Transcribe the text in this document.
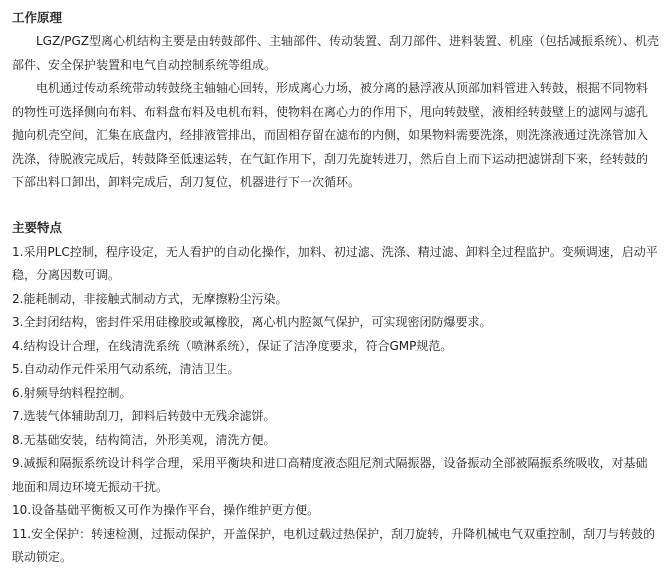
工作原理

LGZ/PGZ型离心机结构主要是由转鼓部件、主轴部件、传动装置、刮刀部件、进料装置、机座（包括减振系统）、机壳部件、安全保护装置和电气自动控制系统等组成。

电机通过传动系统带动转鼓绕主轴轴心回转，形成离心力场，被分离的悬浮液从顶部加料管进入转鼓，根据不同物料的物性可选择侧向布料、布料盘布料及电机布料，使物料在离心力的作用下，甩向转鼓壁，液相经转鼓壁上的滤网与滤孔抛向机壳空间，汇集在底盘内，经排液管排出，而固相存留在滤布的内侧，如果物料需要洗涤，则洗涤液通过洗涤管加入洗涤，待脱液完成后，转鼓降至低速运转，在气缸作用下，刮刀先旋转进刀，然后自上而下运动把滤饼刮下来，经转鼓的下部出料口卸出，卸料完成后，刮刀复位，机器进行下一次循环。

主要特点
1.采用PLC控制，程序设定，无人看护的自动化操作，加料、初过滤、洗涤、精过滤、卸料全过程监护。变频调速，启动平稳，分离因数可调。
2.能耗制动，非接触式制动方式，无摩擦粉尘污染。
3.全封闭结构，密封件采用硅橡胶或氟橡胶，离心机内腔氮气保护，可实现密闭防爆要求。
4.结构设计合理，在线清洗系统（喷淋系统），保证了洁净度要求，符合GMP规范。
5.自动动作元件采用气动系统，清洁卫生。
6.射频导纳料程控制。
7.选装气体辅助刮刀，卸料后转鼓中无残余滤饼。
8.无基础安装，结构简洁，外形美观，清洗方便。
9.减振和隔振系统设计科学合理，采用平衡块和进口高精度液态阻尼剂式隔振器，设备振动全部被隔振系统吸收，对基础地面和周边环境无振动干扰。
10.设备基础平衡板又可作为操作平台，操作维护更方便。
11.安全保护：转速检测，过振动保护，开盖保护，电机过载过热保护，刮刀旋转，升降机械电气双重控制，刮刀与转鼓的联动锁定。
